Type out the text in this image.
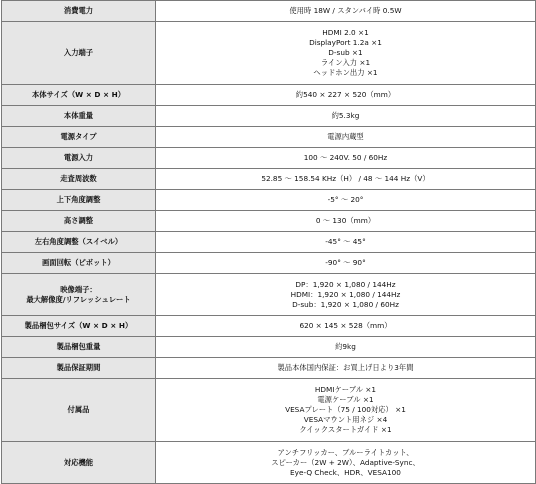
消費電力	使用時 18W / スタンバイ時 0.5W

入力端子	HDMI 2.0 ×1
DisplayPort 1.2a ×1
D-sub ×1
ライン入力 ×1
ヘッドホン出力 ×1

本体サイズ（W × D × H）	約540 × 227 × 520（mm）

本体重量	約5.3kg

電源タイプ	電源内蔵型

電源入力	100 ～ 240V. 50 / 60Hz

走査周波数	52.85 ～ 158.54 KHz（H） / 48 ～ 144 Hz（V）

上下角度調整	-5° ～ 20°

高さ調整	0 ～ 130（mm）

左右角度調整（スイベル）	-45° ～ 45°

画面回転（ピボット）	-90° ～ 90°

映像端子：
最大解像度/リフレッシュレート	DP：1,920 × 1,080 / 144Hz
HDMI：1,920 × 1,080 / 144Hz
D-sub：1,920 × 1,080 / 60Hz

製品梱包サイズ（W × D × H）	620 × 145 × 528（mm）

製品梱包重量	約9kg

製品保証期間	製品本体国内保証：お買上げ日より3年間

付属品	HDMIケーブル ×1
電源ケーブル ×1
VESAプレート（75 / 100対応） ×1
VESAマウント用ネジ ×4
クイックスタートガイド ×1

対応機能	アンチフリッカー、ブルーライトカット、
スピーカー（2W + 2W）、Adaptive-Sync、
Eye-Q Check、HDR、VESA100
